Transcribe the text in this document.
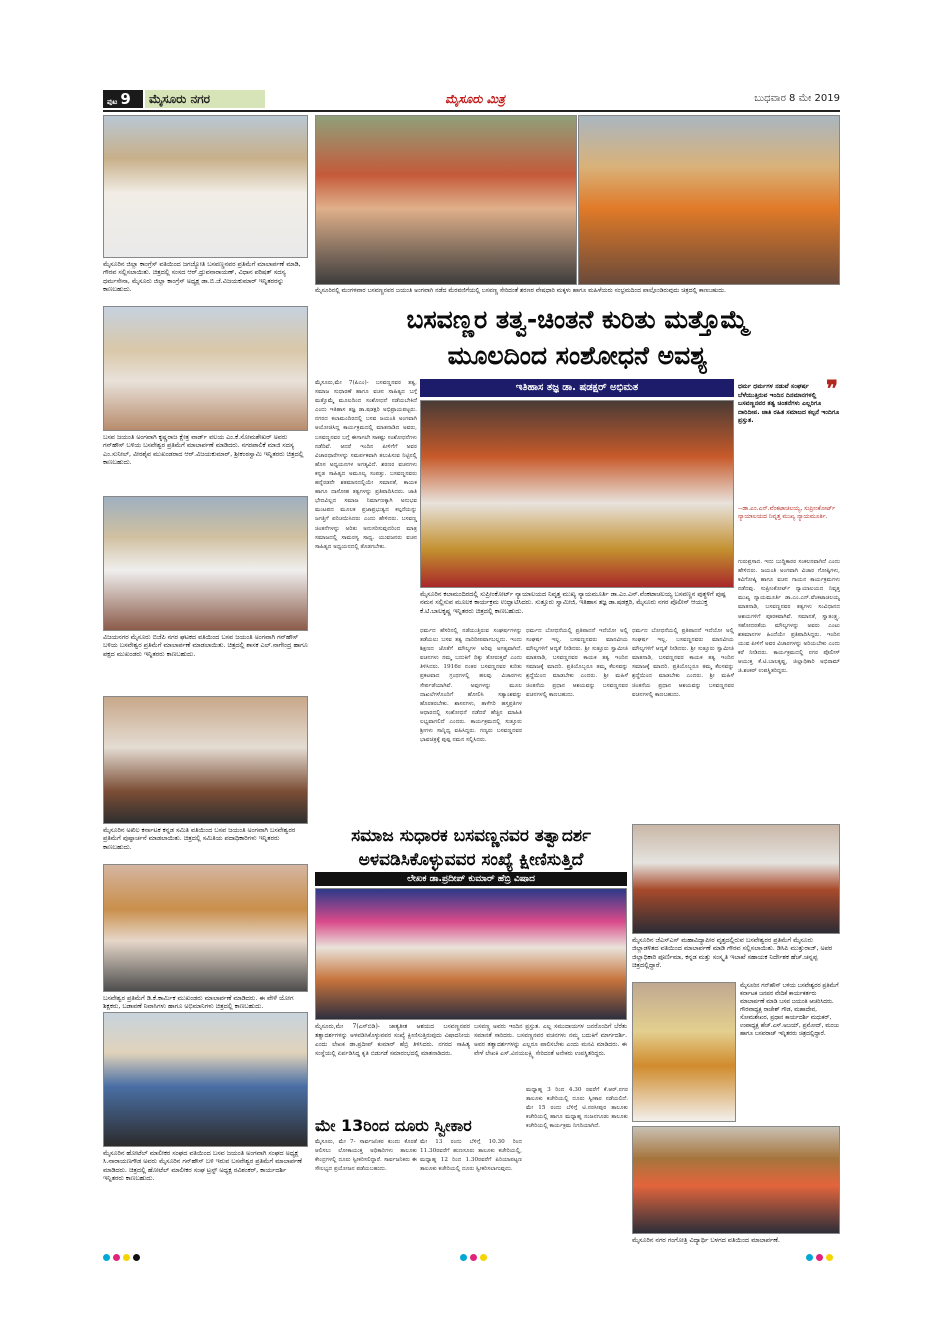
ಪುಟ 9	ಮೈಸೂರು ನಗರ	ಮೈಸೂರು ಮಿತ್ರ	ಬುಧವಾರ 8 ಮೇ 2019
ಮೈಸೂರಿನ ಜಿಲ್ಲಾ ಕಾಂಗ್ರೆಸ್ ವತಿಯಿಂದ ಜಗಜ್ಯೋತಿ ಬಸವಣ್ಣನವರ ಪ್ರತಿಮೆಗೆ ಮಾಲಾರ್ಪಣೆ ಮಾಡಿ, ಗೌರವ ಸಲ್ಲಿಸಲಾಯಿತು. ಚಿತ್ರದಲ್ಲಿ ಸಂಸದ ಆರ್.ಧ್ರುವನಾರಾಯಣ್, ವಿಧಾನ ಪರಿಷತ್ ಸದಸ್ಯ ಧರ್ಮಸೇನಾ, ಮೈಸೂರು ಜಿಲ್ಲಾ ಕಾಂಗ್ರೆಸ್ ಅಧ್ಯಕ್ಷ ಡಾ.ಬಿ.ಜೆ.ವಿಜಯಕುಮಾರ್ ಇನ್ನಿತರರನ್ನು ಕಾಣಬಹುದು.
ಬಸವ ಜಯಂತಿ ಅಂಗವಾಗಿ ಕೃಷ್ಣರಾಜ ಕ್ಷೇತ್ರ ವಾರ್ಡ್ ವಲಯ ಎಂ.ಕೆ.ಸೋಮಶೇಖರ್ ಅವರು ಗನ್‌ಹೌಸ್ ಬಳಿಯ ಬಸವೇಶ್ವರ ಪ್ರತಿಮೆಗೆ ಮಾಲಾರ್ಪಣೆ ಮಾಡಿದರು. ನಗರಪಾಲಿಕೆ ಮಾಜಿ ಸದಸ್ಯ ಎಂ.ಸುನೀಲ್, ವೀರಶೈವ ಮುಖಂಡರಾದ ಆರ್.ವಿಜಯಕುಮಾರ್, ಶ್ರೀಕಂಠಸ್ವಾಮಿ ಇನ್ನಿತರರು ಚಿತ್ರದಲ್ಲಿ ಕಾಣಬಹುದು.
ವಿಜಯನಗರ ಮೈಸೂರು ಬಿಜೆಪಿ ನಗರ ಘಟಕದ ವತಿಯಿಂದ ಬಸವ ಜಯಂತಿ ಅಂಗವಾಗಿ ಗನ್‌ಹೌಸ್ ಬಳಿಯ ಬಸವೇಶ್ವರ ಪ್ರತಿಮೆಗೆ ಮಾಲಾರ್ಪಣೆ ಮಾಡಲಾಯಿತು. ಚಿತ್ರದಲ್ಲಿ ಶಾಸಕ ಎಲ್.ನಾಗೇಂದ್ರ ಹಾಗೂ ಪಕ್ಷದ ಮುಖಂಡರು ಇನ್ನಿತರರು ಕಾಣಬಹುದು.
ಮೈಸೂರಿನ ಅಖಿಲ ಕರ್ನಾಟಕ ಕನ್ನಡ ಸಮಿತಿ ವತಿಯಿಂದ ಬಸವ ಜಯಂತಿ ಅಂಗವಾಗಿ ಬಸವೇಶ್ವರರ ಪ್ರತಿಮೆಗೆ ಪುಷ್ಪಾರ್ಚನೆ ಮಾಡಲಾಯಿತು. ಚಿತ್ರದಲ್ಲಿ ಸಮಿತಿಯ ಪದಾಧಿಕಾರಿಗಳು ಇನ್ನಿತರರು ಕಾಣಬಹುದು.
ಬಸವೇಶ್ವರ ಪ್ರತಿಮೆಗೆ ಡಿ.ಕೆ.ಕಾರ್ಮಿಕ ಮುಖಂಡರು ಮಾಲಾರ್ಪಣೆ ಮಾಡಿದರು. ಈ ವೇಳೆ ಯೋಗ ಶಿಕ್ಷಕರು, ಬಡಾವಣೆ ನಿವಾಸಿಗಳು ಹಾಗೂ ಅಭಿಮಾನಿಗಳು ಚಿತ್ರದಲ್ಲಿ ಕಾಣಬಹುದು.
ಮೈಸೂರಿನ ಹೋಟೆಲ್ ಮಾಲೀಕರ ಸಂಘದ ವತಿಯಿಂದ ಬಸವ ಜಯಂತಿ ಅಂಗವಾಗಿ ಸಂಘದ ಅಧ್ಯಕ್ಷ ಸಿ.ನಾರಾಯಣಗೌಡ ಅವರು ಮೈಸೂರಿನ ಗನ್‌ಹೌಸ್ ಬಳಿ ಇರುವ ಬಸವೇಶ್ವರ ಪ್ರತಿಮೆಗೆ ಮಾಲಾರ್ಪಣೆ ಮಾಡಿದರು. ಚಿತ್ರದಲ್ಲಿ ಹೋಟೆಲ್ ಮಾಲೀಕರ ಸಂಘ ಟ್ರಸ್ಟ್ ಅಧ್ಯಕ್ಷ ರವಿಶಂಕರ್, ಕಾರ್ಯದರ್ಶಿ ಇನ್ನಿತರರು ಕಾಣಬಹುದು.
ಮೈಸೂರಿನಲ್ಲಿ ಮಂಗಳವಾರ ಬಸವಣ್ಣನವರ ಜಯಂತಿ ಅಂಗವಾಗಿ ನಡೆದ ಮೆರವಣಿಗೆಯಲ್ಲಿ ಬಸವಣ್ಣ ಸೇರಿದಂತೆ ಶರಣರ ವೇಷಧಾರಿ ಮಕ್ಕಳು ಹಾಗೂ ಮಹಿಳೆಯರು ಸಂಭ್ರಮದಿಂದ ಪಾಲ್ಗೊಂಡಿರುವುದು ಚಿತ್ರದಲ್ಲಿ ಕಾಣಬಹುದು.
ಬಸವಣ್ಣರ ತತ್ವ-ಚಿಂತನೆ ಕುರಿತು ಮತ್ತೊಮ್ಮೆ
ಮೂಲದಿಂದ ಸಂಶೋಧನೆ ಅವಶ್ಯ
ಇತಿಹಾಸ ತಜ್ಞ ಡಾ. ಷಡಕ್ಷರ್ ಅಭಿಮತ
ಮೈಸೂರು,ಮೇ 7(ಪಿಎಂ)- ಬಸವಣ್ಣನವರ ತತ್ವ, ಸಮಾಜ ಸುಧಾರಣೆ ಹಾಗೂ ವಚನ ಸಾಹಿತ್ಯದ ಬಗ್ಗೆ ಮತ್ತೊಮ್ಮೆ ಮೂಲದಿಂದ ಸಂಶೋಧನೆ ನಡೆಯಬೇಕಿದೆ ಎಂದು ಇತಿಹಾಸ ತಜ್ಞ ಡಾ.ಷಡಕ್ಷರಿ ಅಭಿಪ್ರಾಯಪಟ್ಟರು. ನಗರದ ಕಲಾಮಂದಿರದಲ್ಲಿ ಬಸವ ಜಯಂತಿ ಅಂಗವಾಗಿ ಆಯೋಜಿಸಿದ್ದ ಕಾರ್ಯಕ್ರಮದಲ್ಲಿ ಮಾತನಾಡಿದ ಅವರು, ಬಸವಣ್ಣನವರ ಬಗ್ಗೆ ಈಗಾಗಲೇ ಸಾಕಷ್ಟು ಸಂಶೋಧನೆಗಳು ನಡೆದಿವೆ. ಆದರೆ ಇಂದಿನ ಪೀಳಿಗೆಗೆ ಅವರ ವಿಚಾರಧಾರೆಗಳನ್ನು ಸಮರ್ಪಕವಾಗಿ ತಲುಪಿಸುವ ನಿಟ್ಟಿನಲ್ಲಿ ಹೊಸ ಅಧ್ಯಯನಗಳ ಅಗತ್ಯವಿದೆ. ಶರಣರ ವಚನಗಳು ಕನ್ನಡ ಸಾಹಿತ್ಯದ ಅಮೂಲ್ಯ ಸಂಪತ್ತು. ಬಸವಣ್ಣನವರು ಹನ್ನೆರಡನೇ ಶತಮಾನದಲ್ಲಿಯೇ ಸಮಾನತೆ, ಕಾಯಕ ಹಾಗೂ ದಾಸೋಹ ತತ್ವಗಳನ್ನು ಪ್ರತಿಪಾದಿಸಿದರು. ಜಾತಿ ಭೇದವಿಲ್ಲದ ಸಮಾಜ ನಿರ್ಮಾಣಕ್ಕಾಗಿ ಅನುಭವ ಮಂಟಪದ ಮೂಲಕ ಪ್ರಜಾಪ್ರಭುತ್ವದ ಕಲ್ಪನೆಯನ್ನು ಜಗತ್ತಿಗೆ ಪರಿಚಯಿಸಿದರು ಎಂದು ಹೇಳಿದರು. ಬಸವಣ್ಣ ಚಿಂತನೆಗಳನ್ನು ಅರಿತು ಅನುಸರಿಸುವುದರಿಂದ ಮಾತ್ರ ಸಮಾಜದಲ್ಲಿ ಸಾಮರಸ್ಯ ಸಾಧ್ಯ. ಯುವಜನರು ವಚನ ಸಾಹಿತ್ಯದ ಅಧ್ಯಯನದಲ್ಲಿ ತೊಡಗಬೇಕು.
ಮೈಸೂರಿನ ಕಲಾಮಂದಿರದಲ್ಲಿ ಸುಪ್ರೀಂಕೋರ್ಟ್ ನ್ಯಾಯಾಲಯದ ನಿವೃತ್ತ ಮುಖ್ಯ ನ್ಯಾಯಮೂರ್ತಿ ಡಾ.ಎಂ.ಎನ್.ವೆಂಕಟಾಚಲಯ್ಯ ಬಸವಣ್ಣನ ಪುತ್ಥಳಿಗೆ ಪುಷ್ಪ ನಮನ ಸಲ್ಲಿಸುವ ಮೂಲಕ ಕಾರ್ಯಕ್ರಮ ಉದ್ಘಾಟಿಸಿದರು. ಸುತ್ತೂರು ಸ್ವಾಮೀಜಿ, ಇತಿಹಾಸ ತಜ್ಞ ಡಾ.ಷಡಕ್ಷರಿ, ಮೈಸೂರು ನಗರ ಪೊಲೀಸ್ ಆಯುಕ್ತ ಕೆ.ಟಿ.ಬಾಲಕೃಷ್ಣ ಇನ್ನಿತರರು ಚಿತ್ರದಲ್ಲಿ ಕಾಣಬಹುದು.
❞
ಧರ್ಮ ಧರ್ಮಗಳ ನಡುವೆ ಸಂಘರ್ಷ ಬೆಳೆಯುತ್ತಿರುವ ಇಂದಿನ ದಿನಮಾನಗಳಲ್ಲಿ ಬಸವಣ್ಣನವರ ತತ್ವ ಚಿಂತನೆಗಳು ಎಲ್ಲರಿಗೂ ದಾರಿದೀಪ. ಜಾತಿ ರಹಿತ ಸಮಾಜದ ಕಲ್ಪನೆ ಇಂದಿಗೂ ಪ್ರಸ್ತುತ.
--ಡಾ.ಎಂ.ಎನ್.ವೆಂಕಟಾಚಲಯ್ಯ, ಸುಪ್ರೀಂಕೋರ್ಟ್ ನ್ಯಾಯಾಲಯದ ನಿವೃತ್ತ ಮುಖ್ಯ ನ್ಯಾಯಮೂರ್ತಿ.
ಧರ್ಮದ ಹೆಸರಿನಲ್ಲಿ ನಡೆಯುತ್ತಿರುವ ಸಂಘರ್ಷಗಳನ್ನು ತಡೆಯಲು ಬಸವ ತತ್ವ ದಾರಿದೀಪವಾಗಬಲ್ಲದು. ಇಂದು ಶಿಕ್ಷಣದ ಜೊತೆಗೆ ಮೌಲ್ಯಗಳ ಅರಿವು ಅಗತ್ಯವಾಗಿದೆ. ವಚನಗಳು ನಮ್ಮ ಬದುಕಿಗೆ ದಿಕ್ಕು ತೋರುತ್ತವೆ ಎಂದು ತಿಳಿಸಿದರು. 1916ರ ನಂತರ ಬಸವಣ್ಣನವರ ಕುರಿತು ಪ್ರಕಟವಾದ ಗ್ರಂಥಗಳಲ್ಲಿ ಹಲವು ವಿಚಾರಗಳು ಸೇರ್ಪಡೆಯಾಗಿವೆ. ಅವುಗಳನ್ನು ಮೂಲ ದಾಖಲೆಗಳೊಂದಿಗೆ ಹೋಲಿಸಿ ಸತ್ಯಾಂಶವನ್ನು ಹೊರತರಬೇಕು. ಶಾಸನಗಳು, ತಾಳೆಗರಿ ಹಸ್ತಪ್ರತಿಗಳ ಆಧಾರದಲ್ಲಿ ಸಂಶೋಧನೆ ನಡೆದರೆ ಹೆಚ್ಚಿನ ಮಾಹಿತಿ ಲಭ್ಯವಾಗಲಿದೆ ಎಂದರು. ಕಾರ್ಯಕ್ರಮದಲ್ಲಿ ಸುತ್ತೂರು ಶ್ರೀಗಳು ಸಾನ್ನಿಧ್ಯ ವಹಿಸಿದ್ದರು. ಗಣ್ಯರು ಬಸವಣ್ಣನವರ ಭಾವಚಿತ್ರಕ್ಕೆ ಪುಷ್ಪ ನಮನ ಸಲ್ಲಿಸಿದರು.
ಧರ್ಮದ ಬೋಧನೆಯಲ್ಲಿ ಪ್ರತಿಪಾದನೆ ಇದೆಯೋ ಅಲ್ಲಿ ಸಂಘರ್ಷ ಇಲ್ಲ. ಬಸವಣ್ಣನವರು ಮಾನವೀಯ ಮೌಲ್ಯಗಳಿಗೆ ಆದ್ಯತೆ ನೀಡಿದರು. ಶ್ರೀ ಸುತ್ತೂರು ಸ್ವಾಮೀಜಿ ಮಾತನಾಡಿ, ಬಸವಣ್ಣನವರ ಕಾಯಕ ತತ್ವ ಇಂದಿನ ಸಮಾಜಕ್ಕೆ ಮಾದರಿ. ಪ್ರತಿಯೊಬ್ಬರೂ ತಮ್ಮ ಕೆಲಸವನ್ನು ಶ್ರದ್ಧೆಯಿಂದ ಮಾಡಬೇಕು ಎಂದರು. ಶ್ರೀ ಮಹಿಳೆ ಚಿಂತನೆಯ ಪ್ರಧಾನ ಆಶಯವನ್ನು ಬಸವಣ್ಣನವರ ವಚನಗಳಲ್ಲಿ ಕಾಣಬಹುದು.
ಧರ್ಮದ ಬೋಧನೆಯಲ್ಲಿ ಪ್ರತಿಪಾದನೆ ಇದೆಯೋ ಅಲ್ಲಿ ಸಂಘರ್ಷ ಇಲ್ಲ. ಬಸವಣ್ಣನವರು ಮಾನವೀಯ ಮೌಲ್ಯಗಳಿಗೆ ಆದ್ಯತೆ ನೀಡಿದರು. ಶ್ರೀ ಸುತ್ತೂರು ಸ್ವಾಮೀಜಿ ಮಾತನಾಡಿ, ಬಸವಣ್ಣನವರ ಕಾಯಕ ತತ್ವ ಇಂದಿನ ಸಮಾಜಕ್ಕೆ ಮಾದರಿ. ಪ್ರತಿಯೊಬ್ಬರೂ ತಮ್ಮ ಕೆಲಸವನ್ನು ಶ್ರದ್ಧೆಯಿಂದ ಮಾಡಬೇಕು ಎಂದರು. ಶ್ರೀ ಮಹಿಳೆ ಚಿಂತನೆಯ ಪ್ರಧಾನ ಆಶಯವನ್ನು ಬಸವಣ್ಣನವರ ವಚನಗಳಲ್ಲಿ ಕಾಣಬಹುದು.
ಗುರುಪ್ರಸಾದ. ಇದು ಬುದ್ಧಿಕಾರರ ಸಂಕಲನವಾಗಿದೆ ಎಂದು ಹೇಳಿದರು. ಜಯಂತಿ ಅಂಗವಾಗಿ ವಿಚಾರ ಗೋಷ್ಠಿಗಳು, ಕವಿಗೋಷ್ಠಿ ಹಾಗೂ ವಚನ ಗಾಯನ ಕಾರ್ಯಕ್ರಮಗಳು ನಡೆದವು. ಸುಪ್ರೀಂಕೋರ್ಟ್ ನ್ಯಾಯಾಲಯದ ನಿವೃತ್ತ ಮುಖ್ಯ ನ್ಯಾಯಮೂರ್ತಿ ಡಾ.ಎಂ.ಎನ್.ವೆಂಕಟಾಚಲಯ್ಯ ಮಾತನಾಡಿ, ಬಸವಣ್ಣನವರ ತತ್ವಗಳು ಸಂವಿಧಾನದ ಆಶಯಗಳಿಗೆ ಪೂರಕವಾಗಿವೆ. ಸಮಾನತೆ, ಸ್ವಾತಂತ್ರ್ಯ, ಸಹೋದರತೆಯ ಮೌಲ್ಯಗಳನ್ನು ಅವರು ಎಂಟು ಶತಮಾನಗಳ ಹಿಂದೆಯೇ ಪ್ರತಿಪಾದಿಸಿದ್ದರು. ಇಂದಿನ ಯುವ ಪೀಳಿಗೆ ಅವರ ವಿಚಾರಗಳನ್ನು ಅರಿಯಬೇಕು ಎಂದು ಕರೆ ನೀಡಿದರು. ಕಾರ್ಯಕ್ರಮದಲ್ಲಿ ನಗರ ಪೊಲೀಸ್ ಆಯುಕ್ತ ಕೆ.ಟಿ.ಬಾಲಕೃಷ್ಣ, ಜಿಲ್ಲಾಧಿಕಾರಿ ಅಭಿರಾಮ್ ಜಿ.ಶಂಕರ್ ಉಪಸ್ಥಿತರಿದ್ದರು.
ಸಮಾಜ ಸುಧಾರಕ ಬಸವಣ್ಣನವರ ತತ್ವಾದರ್ಶ
ಅಳವಡಿಸಿಕೊಳ್ಳುವವರ ಸಂಖ್ಯೆ ಕ್ಷೀಣಿಸುತ್ತಿದೆ
ಲೇಖಕ ಡಾ.ಪ್ರದೀಪ್ ಕುಮಾರ್ ಹೆಬ್ರಿ ವಿಷಾದ
ಮೈಸೂರು,ಮೇ 7(ಎಸ್‌ಬಿಡಿ)- ಜಾತ್ಯತೀತ ಆಶಯದ ಬಸವಣ್ಣನವರ ತತ್ವಾದರ್ಶಗಳನ್ನು ಅಳವಡಿಸಿಕೊಳ್ಳುವವರ ಸಂಖ್ಯೆ ಕ್ಷೀಣಿಸುತ್ತಿರುವುದು ವಿಷಾದನೀಯ ಎಂದು ಲೇಖಕ ಡಾ.ಪ್ರದೀಪ್ ಕುಮಾರ್ ಹೆಬ್ರಿ ತಿಳಿಸಿದರು. ನಗರದ ಸಾಹಿತ್ಯ ಸಂಸ್ಥೆಯಲ್ಲಿ ಏರ್ಪಡಿಸಿದ್ದ ಕೃತಿ ಬಿಡುಗಡೆ ಸಮಾರಂಭದಲ್ಲಿ ಮಾತನಾಡಿದರು.
ಬಸವಣ್ಣ ಅವರು ಇಂದಿನ ಪ್ರಸ್ತುತ. ಎಲ್ಲ ಸಮುದಾಯಗಳ ಜನರೊಂದಿಗೆ ಬೆರೆತು ಸಮಾನತೆ ಸಾರಿದರು. ಬಸವಣ್ಣನವರ ವಚನಗಳು ನಮ್ಮ ಬದುಕಿಗೆ ಮಾರ್ಗದರ್ಶಿ. ಅವರ ತತ್ವಾದರ್ಶಗಳನ್ನು ಎಲ್ಲರೂ ಪಾಲಿಸಬೇಕು ಎಂದು ಮನವಿ ಮಾಡಿದರು. ಈ ವೇಳೆ ಲೇಖಕಿ ಎಸ್.ವಿನಯಲಕ್ಷ್ಮಿ ಸೇರಿದಂತೆ ಅನೇಕರು ಉಪಸ್ಥಿತರಿದ್ದರು.
ಮೇ 13ರಿಂದ ದೂರು ಸ್ವೀಕಾರ
ಮೈಸೂರು, ಮೇ 7- ಸಾರ್ವಜನಿಕರ ಕುಂದು ಕೊರತೆ ಆಲಿಸಲು ಲೋಕಾಯುಕ್ತ ಅಧಿಕಾರಿಗಳು ತಾಲೂಕು ಕೇಂದ್ರಗಳಲ್ಲಿ ದೂರು ಸ್ವೀಕರಿಸಲಿದ್ದಾರೆ. ಸಾರ್ವಜನಿಕರು ಈ ಸೌಲಭ್ಯದ ಪ್ರಯೋಜನ ಪಡೆಯಬಹುದು.
ಮೇ 13 ರಂದು ಬೆಳಿಗ್ಗೆ 10.30 ರಿಂದ 11.30ರವರೆಗೆ ಹುಣಸೂರು ತಾಲೂಕು ಕಚೇರಿಯಲ್ಲಿ, ಮಧ್ಯಾಹ್ನ 12 ರಿಂದ 1.30ರವರೆಗೆ ಪಿರಿಯಾಪಟ್ಟಣ ತಾಲೂಕು ಕಚೇರಿಯಲ್ಲಿ ದೂರು ಸ್ವೀಕರಿಸಲಾಗುವುದು.
ಮಧ್ಯಾಹ್ನ 3 ರಿಂದ 4.30 ರವರೆಗೆ ಕೆ.ಆರ್.ನಗರ ತಾಲೂಕು ಕಚೇರಿಯಲ್ಲಿ ದೂರು ಸ್ವೀಕಾರ ನಡೆಯಲಿದೆ. ಮೇ 15 ರಂದು ಬೆಳಿಗ್ಗೆ ಟಿ.ನರಸೀಪುರ ತಾಲೂಕು ಕಚೇರಿಯಲ್ಲಿ ಹಾಗೂ ಮಧ್ಯಾಹ್ನ ನಂಜನಗೂಡು ತಾಲೂಕು ಕಚೇರಿಯಲ್ಲಿ ಕಾರ್ಯಕ್ರಮ ನಿಗದಿಯಾಗಿದೆ.
ಮೈಸೂರಿನ ಜೆಎಸ್‌ಎಸ್ ಮಹಾವಿದ್ಯಾಪೀಠ ವೃತ್ತದಲ್ಲಿರುವ ಬಸವೇಶ್ವರರ ಪ್ರತಿಮೆಗೆ ಮೈಸೂರು ಜಿಲ್ಲಾಡಳಿತದ ವತಿಯಿಂದ ಮಾಲಾರ್ಪಣೆ ಮಾಡಿ ಗೌರವ ಸಲ್ಲಿಸಲಾಯಿತು. ಡಿಸಿಪಿ ಮುತ್ತುರಾಜ್, ಅಪರ ಜಿಲ್ಲಾಧಿಕಾರಿ ಪೂರ್ಣಿಮಾ, ಕನ್ನಡ ಮತ್ತು ಸಂಸ್ಕೃತಿ ಇಲಾಖೆ ಸಹಾಯಕ ನಿರ್ದೇಶಕ ಹೆಚ್.ಚನ್ನಪ್ಪ ಚಿತ್ರದಲ್ಲಿದ್ದಾರೆ.
ಮೈಸೂರಿನ ಗನ್‌ಹೌಸ್ ಬಳಿಯ ಬಸವೇಶ್ವರರ ಪ್ರತಿಮೆಗೆ ಕರ್ನಾಟಕ ಜನಪರ ವೇದಿಕೆ ಕಾರ್ಯಕರ್ತರು ಮಾಲಾರ್ಪಣೆ ಮಾಡಿ ಬಸವ ಜಯಂತಿ ಆಚರಿಸಿದರು. ಗೌರವಾಧ್ಯಕ್ಷ ರಾಜೇಶ್ ಗೌಡ, ಮಹಾದೇವ, ಸೋಮಶೇಖರ, ಪ್ರಧಾನ ಕಾರ್ಯದರ್ಶಿ ಮಧುಕರ್, ಉಪಾಧ್ಯಕ್ಷ ಹೆಚ್.ಎಸ್.ಅಜಯ್, ಪ್ರಮೋದ್, ಮಂಜು ಹಾಗೂ ಬಸವರಾಜ್ ಇನ್ನಿತರರು ಚಿತ್ರದಲ್ಲಿದ್ದಾರೆ.
ಮೈಸೂರಿನ ನಗರ ಗಂಗೋತ್ರಿ ವಿದ್ಯಾರ್ಥಿ ಬಳಗದ ವತಿಯಿಂದ ಮಾಲಾರ್ಪಣೆ.
